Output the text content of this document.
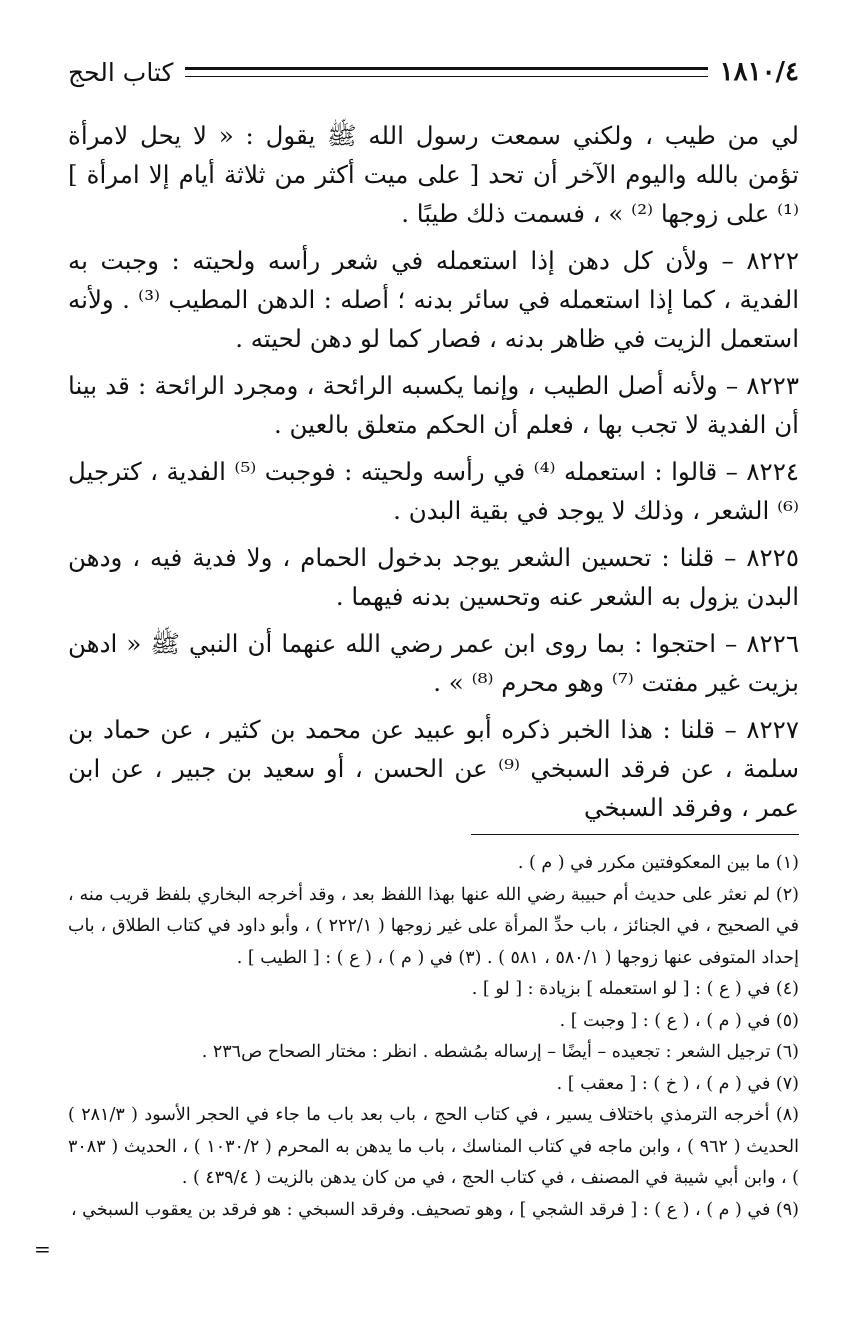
١٨١٠/٤
كتاب الحج

لي من طيب ، ولكني سمعت رسول الله ﷺ يقول : « لا يحل لامرأة تؤمن بالله واليوم الآخر أن تحد [ على ميت أكثر من ثلاثة أيام إلا امرأة ] ⁽¹⁾ على زوجها ⁽²⁾ » ، فسمت ذلك طيبًا .

٨٢٢٢ – ولأن كل دهن إذا استعمله في شعر رأسه ولحيته : وجبت به الفدية ، كما إذا استعمله في سائر بدنه ؛ أصله : الدهن المطيب ⁽³⁾ . ولأنه استعمل الزيت في ظاهر بدنه ، فصار كما لو دهن لحيته .

٨٢٢٣ – ولأنه أصل الطيب ، وإنما يكسبه الرائحة ، ومجرد الرائحة : قد بينا أن الفدية لا تجب بها ، فعلم أن الحكم متعلق بالعين .

٨٢٢٤ – قالوا : استعمله ⁽⁴⁾ في رأسه ولحيته : فوجبت ⁽⁵⁾ الفدية ، كترجيل ⁽⁶⁾ الشعر ، وذلك لا يوجد في بقية البدن .

٨٢٢٥ – قلنا : تحسين الشعر يوجد بدخول الحمام ، ولا فدية فيه ، ودهن البدن يزول به الشعر عنه وتحسين بدنه فيهما .

٨٢٢٦ – احتجوا : بما روى ابن عمر رضي الله عنهما أن النبي ﷺ « ادهن بزيت غير مفتت ⁽⁷⁾ وهو محرم ⁽⁸⁾ » .

٨٢٢٧ – قلنا : هذا الخبر ذكره أبو عبيد عن محمد بن كثير ، عن حماد بن سلمة ، عن فرقد السبخي ⁽⁹⁾ عن الحسن ، أو سعيد بن جبير ، عن ابن عمر ، وفرقد السبخي

(١) ما بين المعكوفتين مكرر في ( م ) .

(٢) لم نعثر على حديث أم حبيبة رضي الله عنها بهذا اللفظ بعد ، وقد أخرجه البخاري بلفظ قريب منه ، في الصحيح ، في الجنائز ، باب حدِّ المرأة على غير زوجها ( ٢٢٢/١ ) ، وأبو داود في كتاب الطلاق ، باب إحداد المتوفى عنها زوجها ( ٥٨٠/١ ، ٥٨١ ) . (٣) في ( م ) ، ( ع ) : [ الطيب ] .

(٤) في ( ع ) : [ لو استعمله ] بزيادة : [ لو ] .

(٥) في ( م ) ، ( ع ) : [ وجبت ] .

(٦) ترجيل الشعر : تجعيده – أيضًا – إرساله بمُشطه . انظر : مختار الصحاح ص٢٣٦ .

(٧) في ( م ) ، ( خ ) : [ معقب ] .

(٨) أخرجه الترمذي باختلاف يسير ، في كتاب الحج ، باب بعد باب ما جاء في الحجر الأسود ( ٢٨١/٣ ) الحديث ( ٩٦٢ ) ، وابن ماجه في كتاب المناسك ، باب ما يدهن به المحرم ( ١٠٣٠/٢ ) ، الحديث ( ٣٠٨٣ ) ، وابن أبي شيبة في المصنف ، في كتاب الحج ، في من كان يدهن بالزيت ( ٤٣٩/٤ ) .

(٩) في ( م ) ، ( ع ) : [ فرقد الشجي ] ، وهو تصحيف. وفرقد السبخي : هو فرقد بن يعقوب السبخي ،

=
